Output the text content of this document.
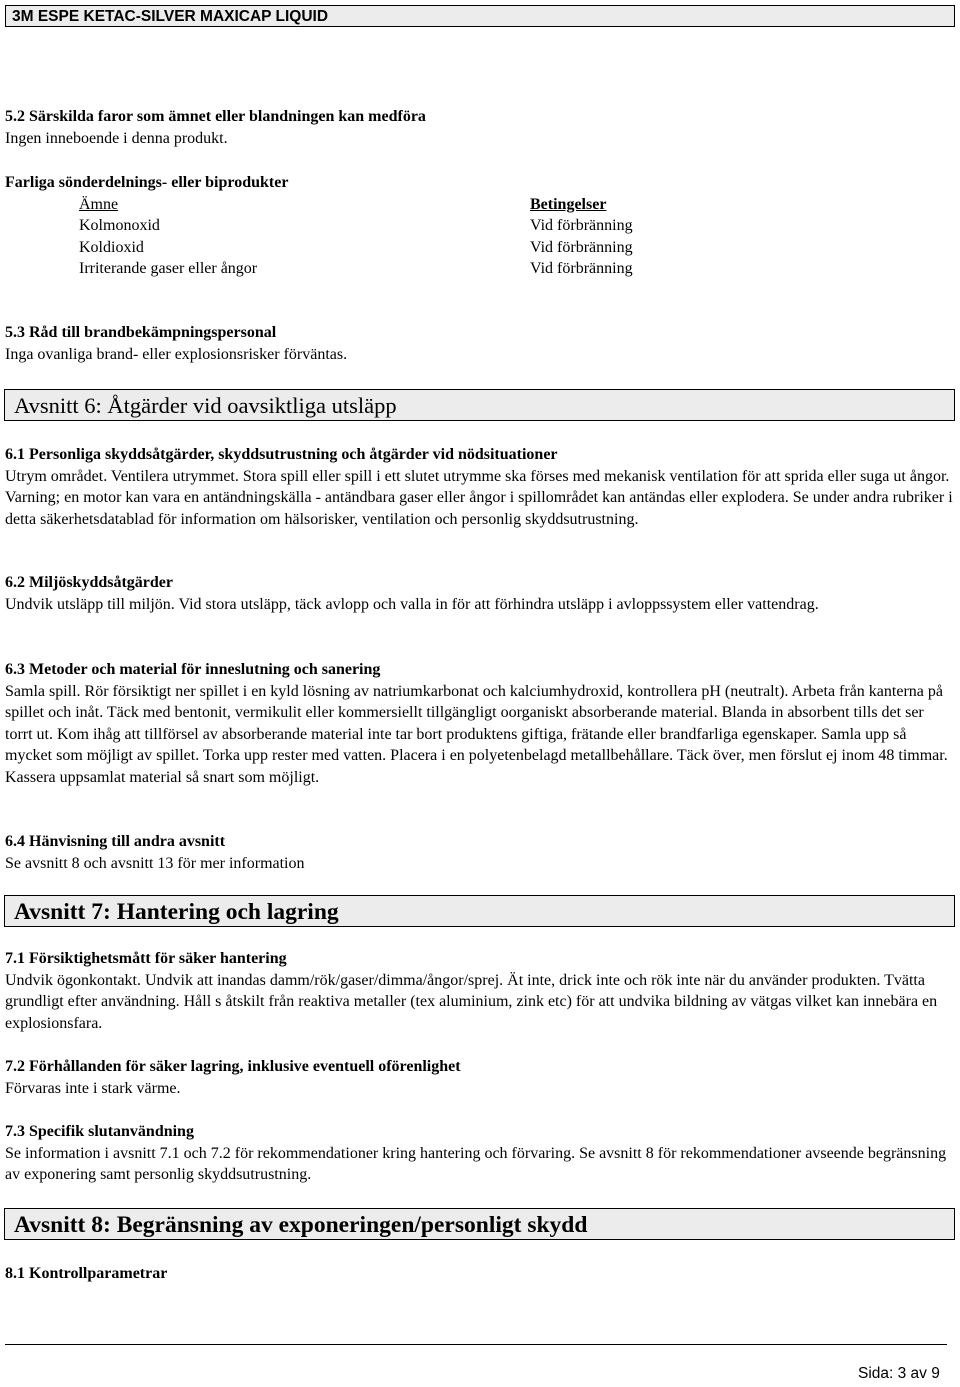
3M ESPE KETAC-SILVER MAXICAP LIQUID

5.2 Särskilda faror som ämnet eller blandningen kan medföra

Ingen inneboende i denna produkt.

Farliga sönderdelnings- eller biprodukter

Ämne
Kolmonoxid
Koldioxid
Irriterande gaser eller ångor
Betingelser
Vid förbränning
Vid förbränning
Vid förbränning

5.3 Råd till brandbekämpningspersonal

Inga ovanliga brand- eller explosionsrisker förväntas.

Avsnitt 6: Åtgärder vid oavsiktliga utsläpp

6.1 Personliga skyddsåtgärder, skyddsutrustning och åtgärder vid nödsituationer

Utrym området. Ventilera utrymmet. Stora spill eller spill i ett slutet utrymme ska förses med mekanisk ventilation för att sprida eller suga ut ångor. Varning; en motor kan vara en antändningskälla - antändbara gaser eller ångor i spillområdet kan antändas eller explodera. Se under andra rubriker i detta säkerhetsdatablad för information om hälsorisker, ventilation och personlig skyddsutrustning.

6.2 Miljöskyddsåtgärder

Undvik utsläpp till miljön. Vid stora utsläpp, täck avlopp och valla in för att förhindra utsläpp i avloppssystem eller vattendrag.

6.3 Metoder och material för inneslutning och sanering

Samla spill. Rör försiktigt ner spillet i en kyld lösning av natriumkarbonat och kalciumhydroxid, kontrollera pH (neutralt). Arbeta från kanterna på spillet och inåt. Täck med bentonit, vermikulit eller kommersiellt tillgängligt oorganiskt absorberande material. Blanda in absorbent tills det ser torrt ut. Kom ihåg att tillförsel av absorberande material inte tar bort produktens giftiga, frätande eller brandfarliga egenskaper. Samla upp så mycket som möjligt av spillet. Torka upp rester med vatten. Placera i en polyetenbelagd metallbehållare. Täck över, men förslut ej inom 48 timmar. Kassera uppsamlat material så snart som möjligt.

6.4 Hänvisning till andra avsnitt

Se avsnitt 8 och avsnitt 13 för mer information

Avsnitt 7: Hantering och lagring

7.1 Försiktighetsmått för säker hantering

Undvik ögonkontakt. Undvik att inandas damm/rök/gaser/dimma/ångor/sprej. Ät inte, drick inte och rök inte när du använder produkten. Tvätta grundligt efter användning. Håll s åtskilt från reaktiva metaller (tex aluminium, zink etc) för att undvika bildning av vätgas vilket kan innebära en explosionsfara.

7.2 Förhållanden för säker lagring, inklusive eventuell oförenlighet

Förvaras inte i stark värme.

7.3 Specifik slutanvändning

Se information i avsnitt 7.1 och 7.2 för rekommendationer kring hantering och förvaring. Se avsnitt 8 för rekommendationer avseende begränsning av exponering samt personlig skyddsutrustning.

Avsnitt 8: Begränsning av exponeringen/personligt skydd

8.1 Kontrollparametrar

Sida: 3 av 9
